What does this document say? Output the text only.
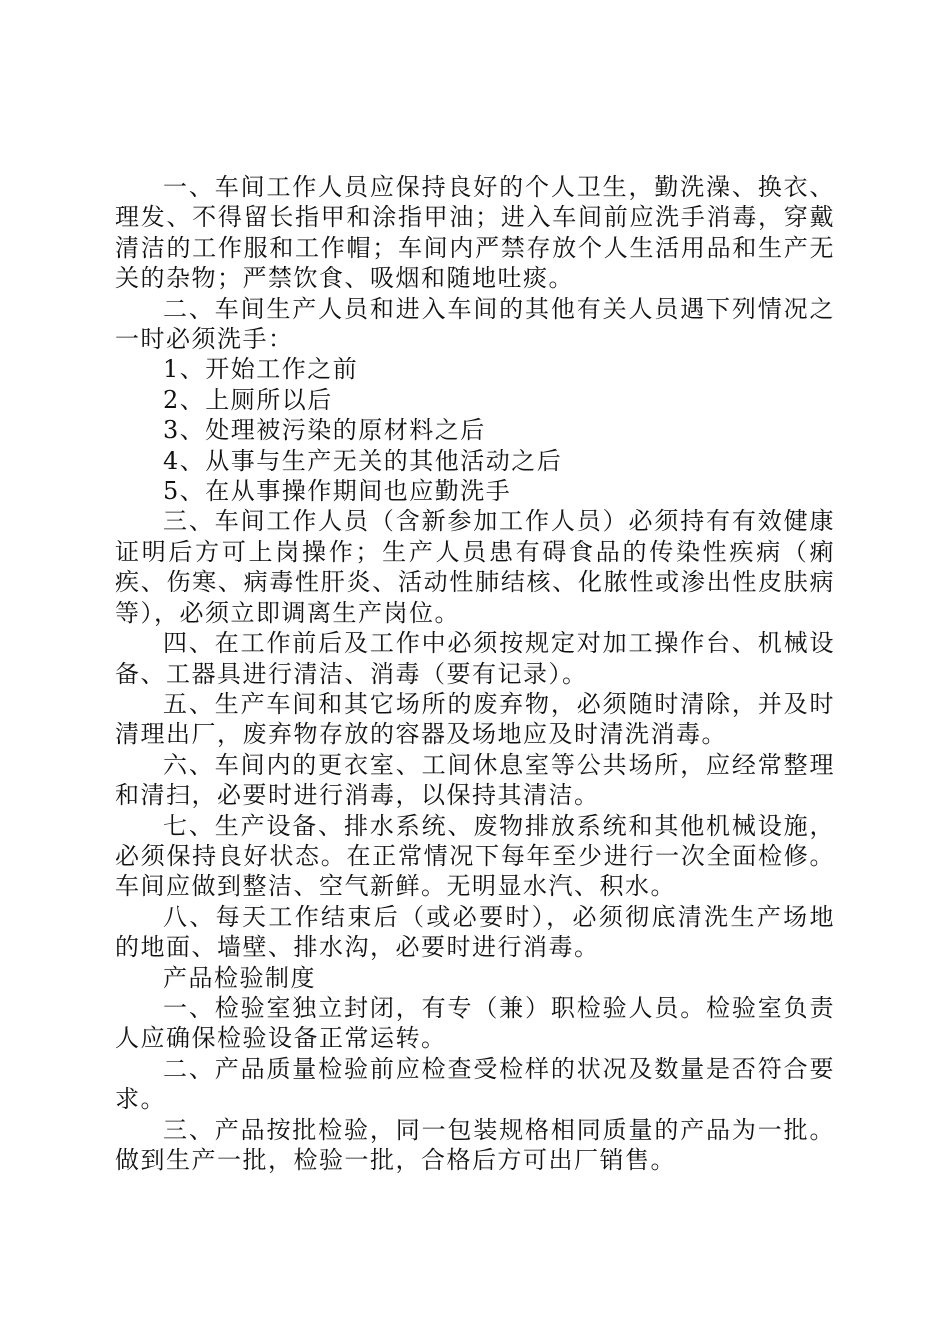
一、车间工作人员应保持良好的个人卫生，勤洗澡、换衣、理发、不得留长指甲和涂指甲油；进入车间前应洗手消毒，穿戴清洁的工作服和工作帽；车间内严禁存放个人生活用品和生产无关的杂物；严禁饮食、吸烟和随地吐痰。

二、车间生产人员和进入车间的其他有关人员遇下列情况之一时必须洗手：

1、开始工作之前

2、上厕所以后

3、处理被污染的原材料之后

4、从事与生产无关的其他活动之后

5、在从事操作期间也应勤洗手

三、车间工作人员（含新参加工作人员）必须持有有效健康证明后方可上岗操作；生产人员患有碍食品的传染性疾病（痢疾、伤寒、病毒性肝炎、活动性肺结核、化脓性或渗出性皮肤病等），必须立即调离生产岗位。

四、在工作前后及工作中必须按规定对加工操作台、机械设备、工器具进行清洁、消毒（要有记录）。

五、生产车间和其它场所的废弃物，必须随时清除，并及时清理出厂，废弃物存放的容器及场地应及时清洗消毒。

六、车间内的更衣室、工间休息室等公共场所，应经常整理和清扫，必要时进行消毒，以保持其清洁。

七、生产设备、排水系统、废物排放系统和其他机械设施，必须保持良好状态。在正常情况下每年至少进行一次全面检修。车间应做到整洁、空气新鲜。无明显水汽、积水。

八、每天工作结束后（或必要时），必须彻底清洗生产场地的地面、墙壁、排水沟，必要时进行消毒。

产品检验制度

一、检验室独立封闭，有专（兼）职检验人员。检验室负责人应确保检验设备正常运转。

二、产品质量检验前应检查受检样的状况及数量是否符合要求。

三、产品按批检验，同一包装规格相同质量的产品为一批。做到生产一批，检验一批，合格后方可出厂销售。
